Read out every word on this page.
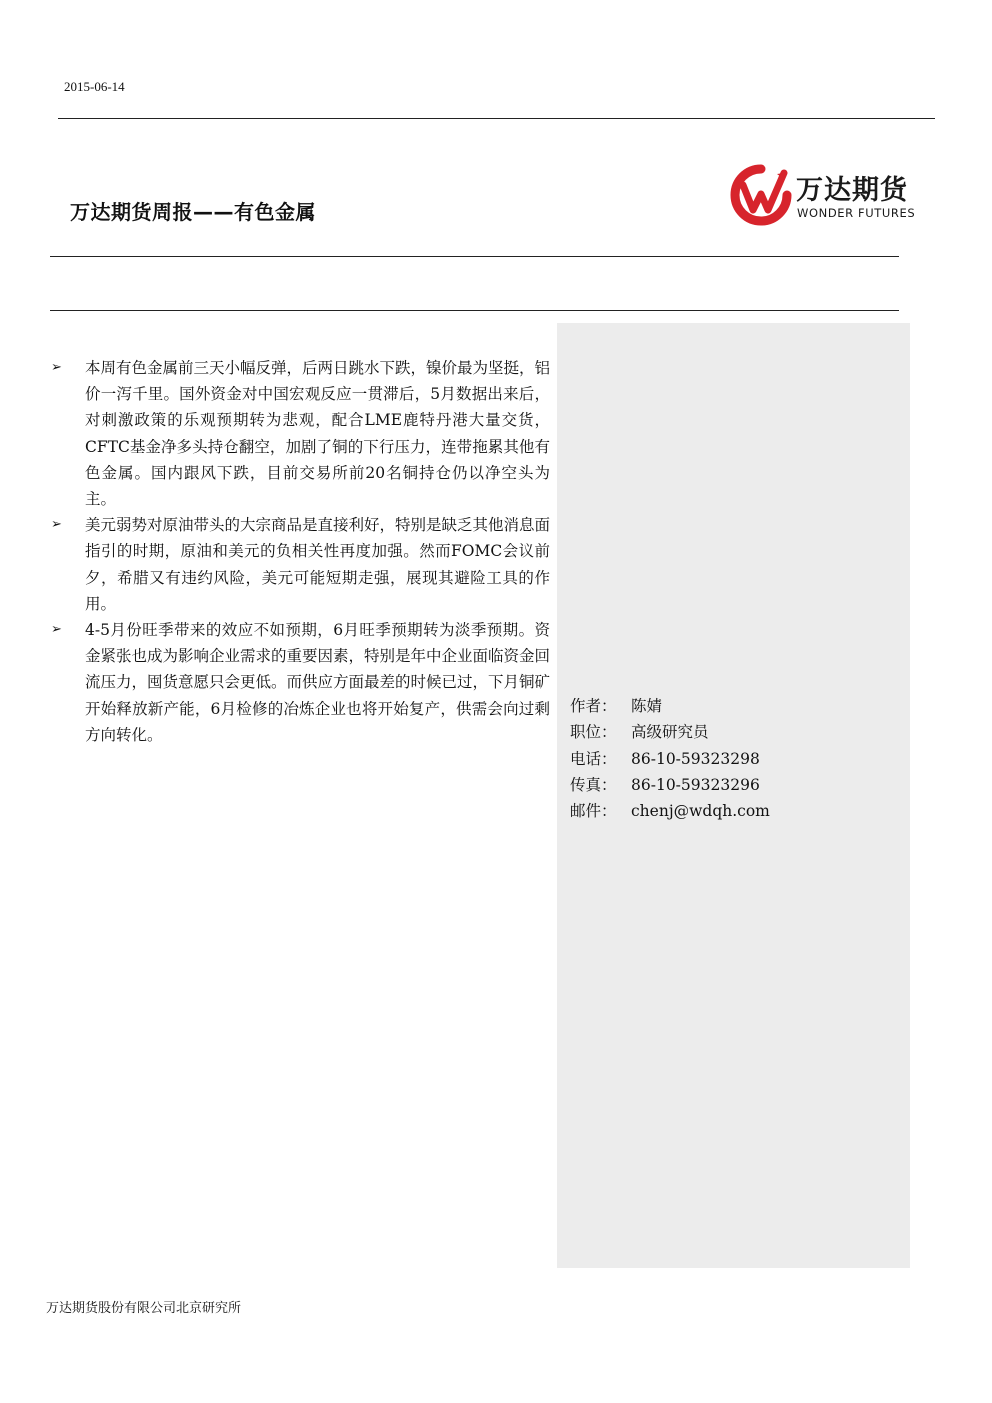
2015-06-14
万达期货周报——有色金属
万达期货
WONDER FUTURES
➢ 本周有色金属前三天小幅反弹，后两日跳水下跌，镍价最为坚挺，铝价一泻千里。国外资金对中国宏观反应一贯滞后，5月数据出来后，对刺激政策的乐观预期转为悲观，配合LME鹿特丹港大量交货，CFTC基金净多头持仓翻空，加剧了铜的下行压力，连带拖累其他有色金属。国内跟风下跌，目前交易所前20名铜持仓仍以净空头为主。
➢ 美元弱势对原油带头的大宗商品是直接利好，特别是缺乏其他消息面指引的时期，原油和美元的负相关性再度加强。然而FOMC会议前夕，希腊又有违约风险，美元可能短期走强，展现其避险工具的作用。
➢ 4-5月份旺季带来的效应不如预期，6月旺季预期转为淡季预期。资金紧张也成为影响企业需求的重要因素，特别是年中企业面临资金回流压力，囤货意愿只会更低。而供应方面最差的时候已过，下月铜矿开始释放新产能，6月检修的冶炼企业也将开始复产，供需会向过剩方向转化。
作者： 陈婧
职位： 高级研究员
电话： 86-10-59323298
传真： 86-10-59323296
邮件： chenj@wdqh.com
万达期货股份有限公司北京研究所
